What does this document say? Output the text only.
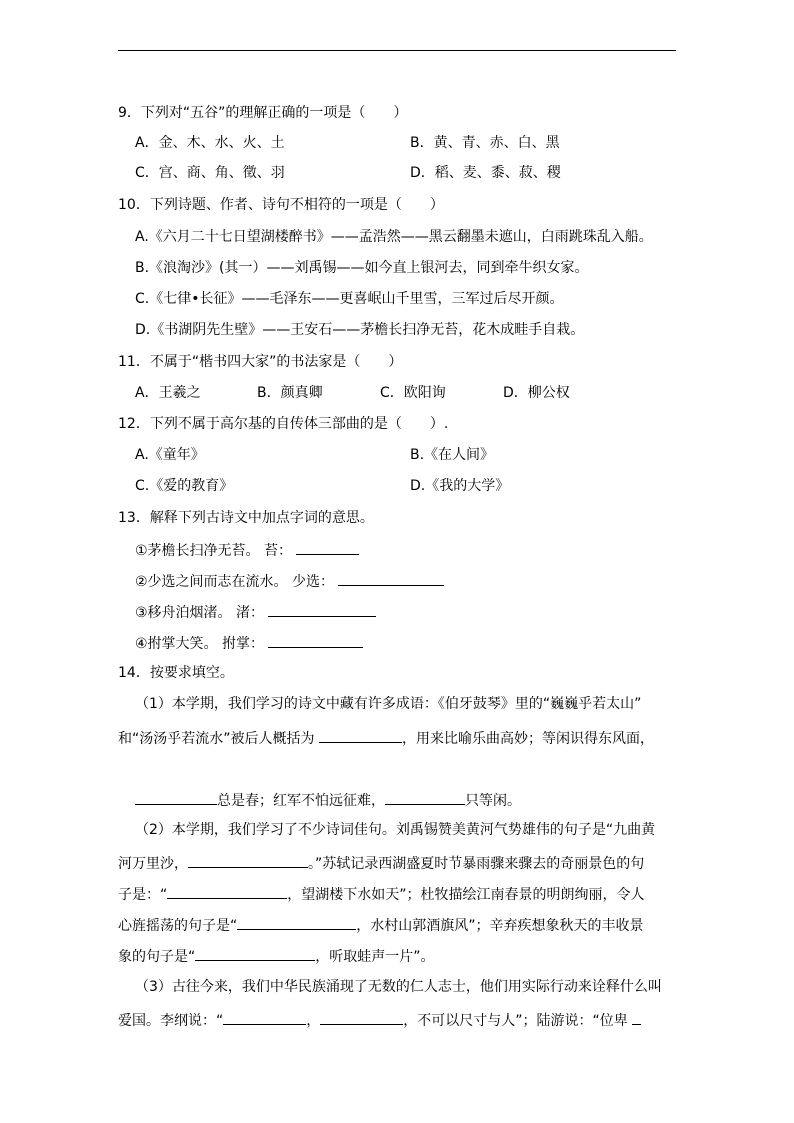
9．下列对“五谷”的理解正确的一项是（　　）
A．金、木、水、火、土	B．黄、青、赤、白、黑
C．宫、商、角、徵、羽	D．稻、麦、黍、菽、稷
10．下列诗题、作者、诗句不相符的一项是（　　）
A.《六月二十七日望湖楼醉书》——孟浩然——黑云翻墨未遮山，白雨跳珠乱入船。
B.《浪淘沙》(其一）——刘禹锡——如今直上银河去，同到牵牛织女家。
C.《七律•长征》——毛泽东——更喜岷山千里雪，三军过后尽开颜。
D.《书湖阴先生壁》——王安石——茅檐长扫净无苔，花木成畦手自栽。
11．不属于“楷书四大家”的书法家是（　　）
A．王羲之	B．颜真卿	C．欧阳询	D．柳公权
12．下列不属于高尔基的自传体三部曲的是（　　）.
A.《童年》	B.《在人间》
C.《爱的教育》	D.《我的大学》
13．解释下列古诗文中加点字词的意思。
①茅檐长扫净无苔。 苔：
②少选之间而志在流水。 少选：
③移舟泊烟渚。 渚：
④拊掌大笑。 拊掌：
14．按要求填空。
（1）本学期，我们学习的诗文中藏有许多成语：《伯牙鼓琴》里的“巍巍乎若太山”
和“汤汤乎若流水”被后人概括为	，用来比喻乐曲高妙；等闲识得东风面，
总是春；红军不怕远征难，	只等闲。
（2）本学期，我们学习了不少诗词佳句。刘禹锡赞美黄河气势雄伟的句子是“九曲黄
河万里沙，	。”苏轼记录西湖盛夏时节暴雨骤来骤去的奇丽景色的句
子是：“	，望湖楼下水如天”；杜牧描绘江南春景的明朗绚丽，令人
心旌摇荡的句子是“	，水村山郭酒旗风”；辛弃疾想象秋天的丰收景
象的句子是“	，听取蛙声一片”。
（3）古往今来，我们中华民族涌现了无数的仁人志士，他们用实际行动来诠释什么叫
爱国。李纲说：“	，	，不可以尺寸与人”；陆游说：“位卑
